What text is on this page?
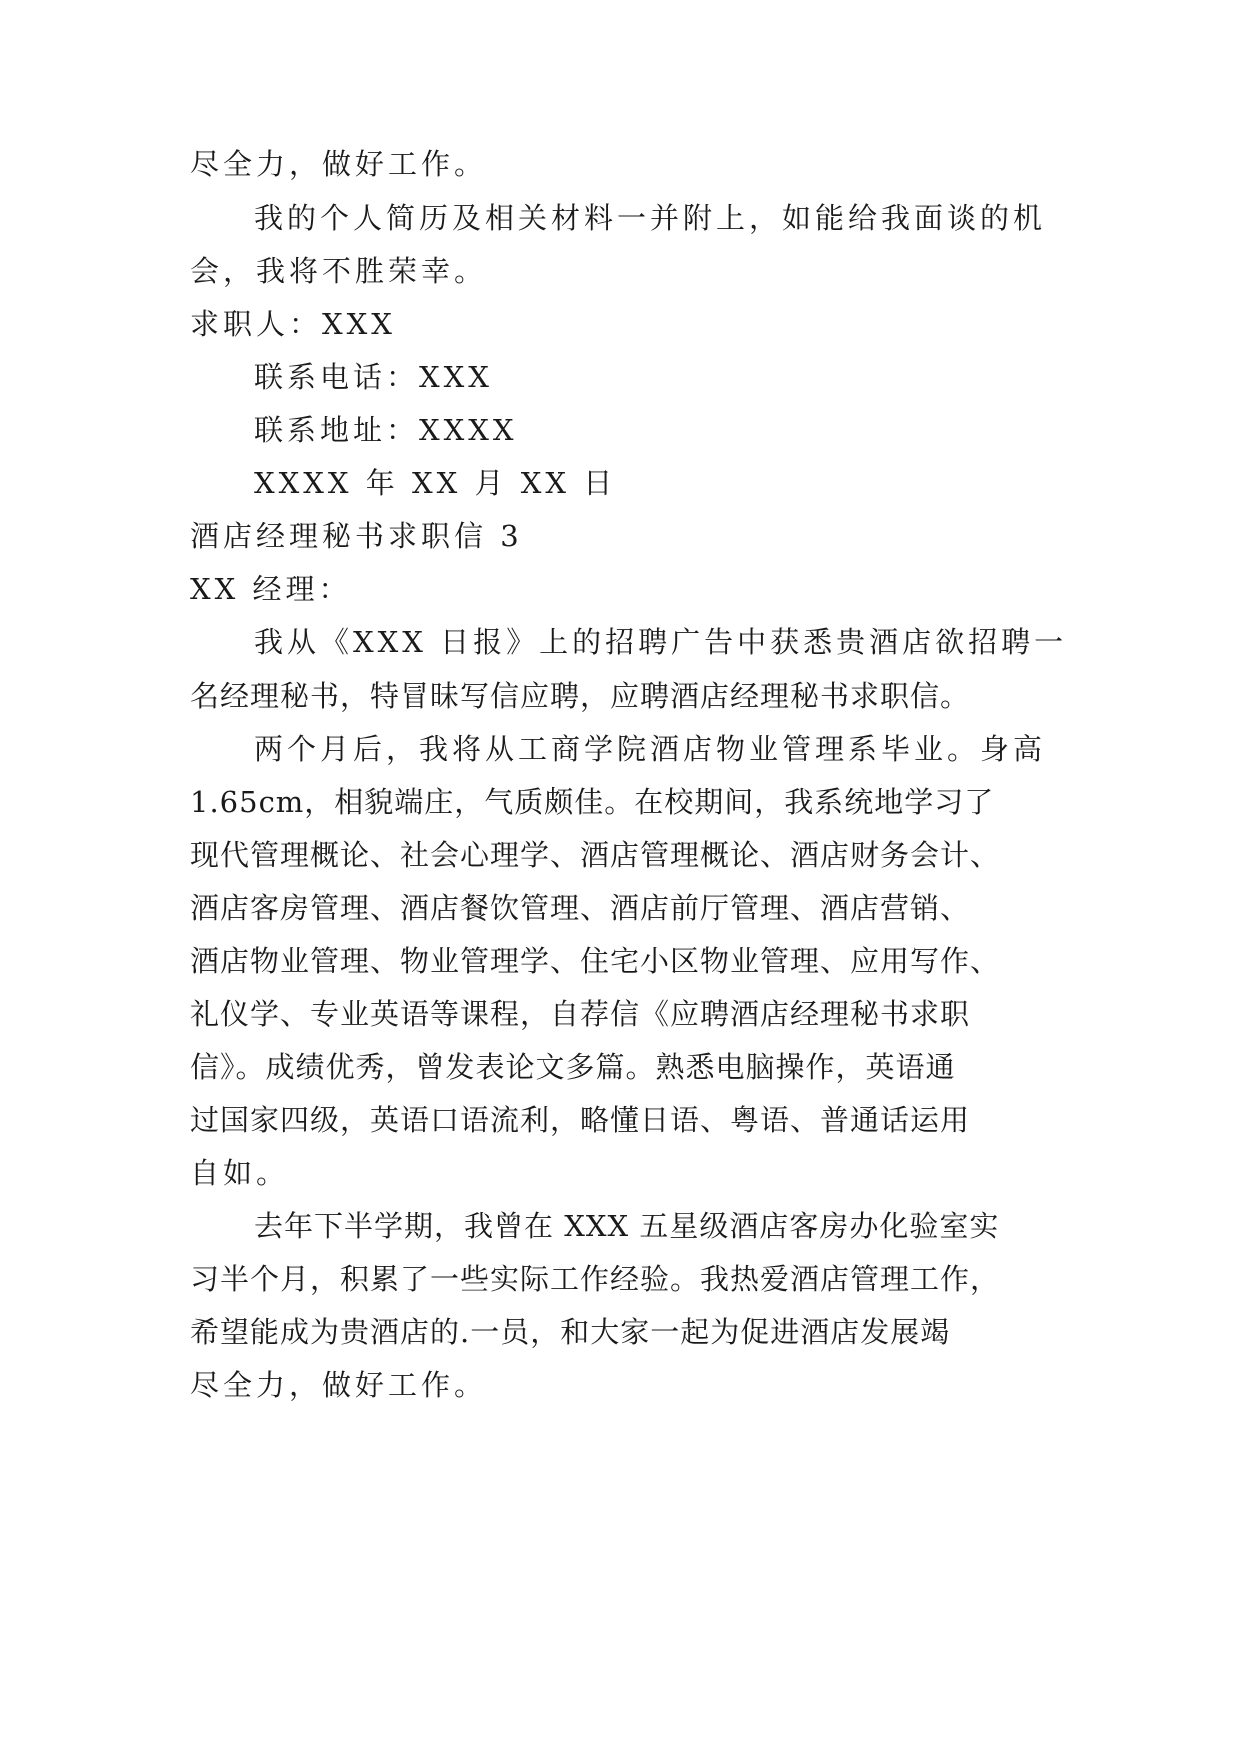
尽全力，做好工作。
我的个人简历及相关材料一并附上，如能给我面谈的机
会，我将不胜荣幸。
求职人：XXX
联系电话：XXX
联系地址：XXXX
XXXX 年 XX 月 XX 日
酒店经理秘书求职信 3
XX 经理：
我从《XXX 日报》上的招聘广告中获悉贵酒店欲招聘一
名经理秘书，特冒昧写信应聘，应聘酒店经理秘书求职信。
两个月后，我将从工商学院酒店物业管理系毕业。身高
1.65cm，相貌端庄，气质颇佳。在校期间，我系统地学习了
现代管理概论、社会心理学、酒店管理概论、酒店财务会计、
酒店客房管理、酒店餐饮管理、酒店前厅管理、酒店营销、
酒店物业管理、物业管理学、住宅小区物业管理、应用写作、
礼仪学、专业英语等课程，自荐信《应聘酒店经理秘书求职
信》。成绩优秀，曾发表论文多篇。熟悉电脑操作，英语通
过国家四级，英语口语流利，略懂日语、粤语、普通话运用
自如。
去年下半学期，我曾在 XXX 五星级酒店客房办化验室实
习半个月，积累了一些实际工作经验。我热爱酒店管理工作，
希望能成为贵酒店的.一员，和大家一起为促进酒店发展竭
尽全力，做好工作。
